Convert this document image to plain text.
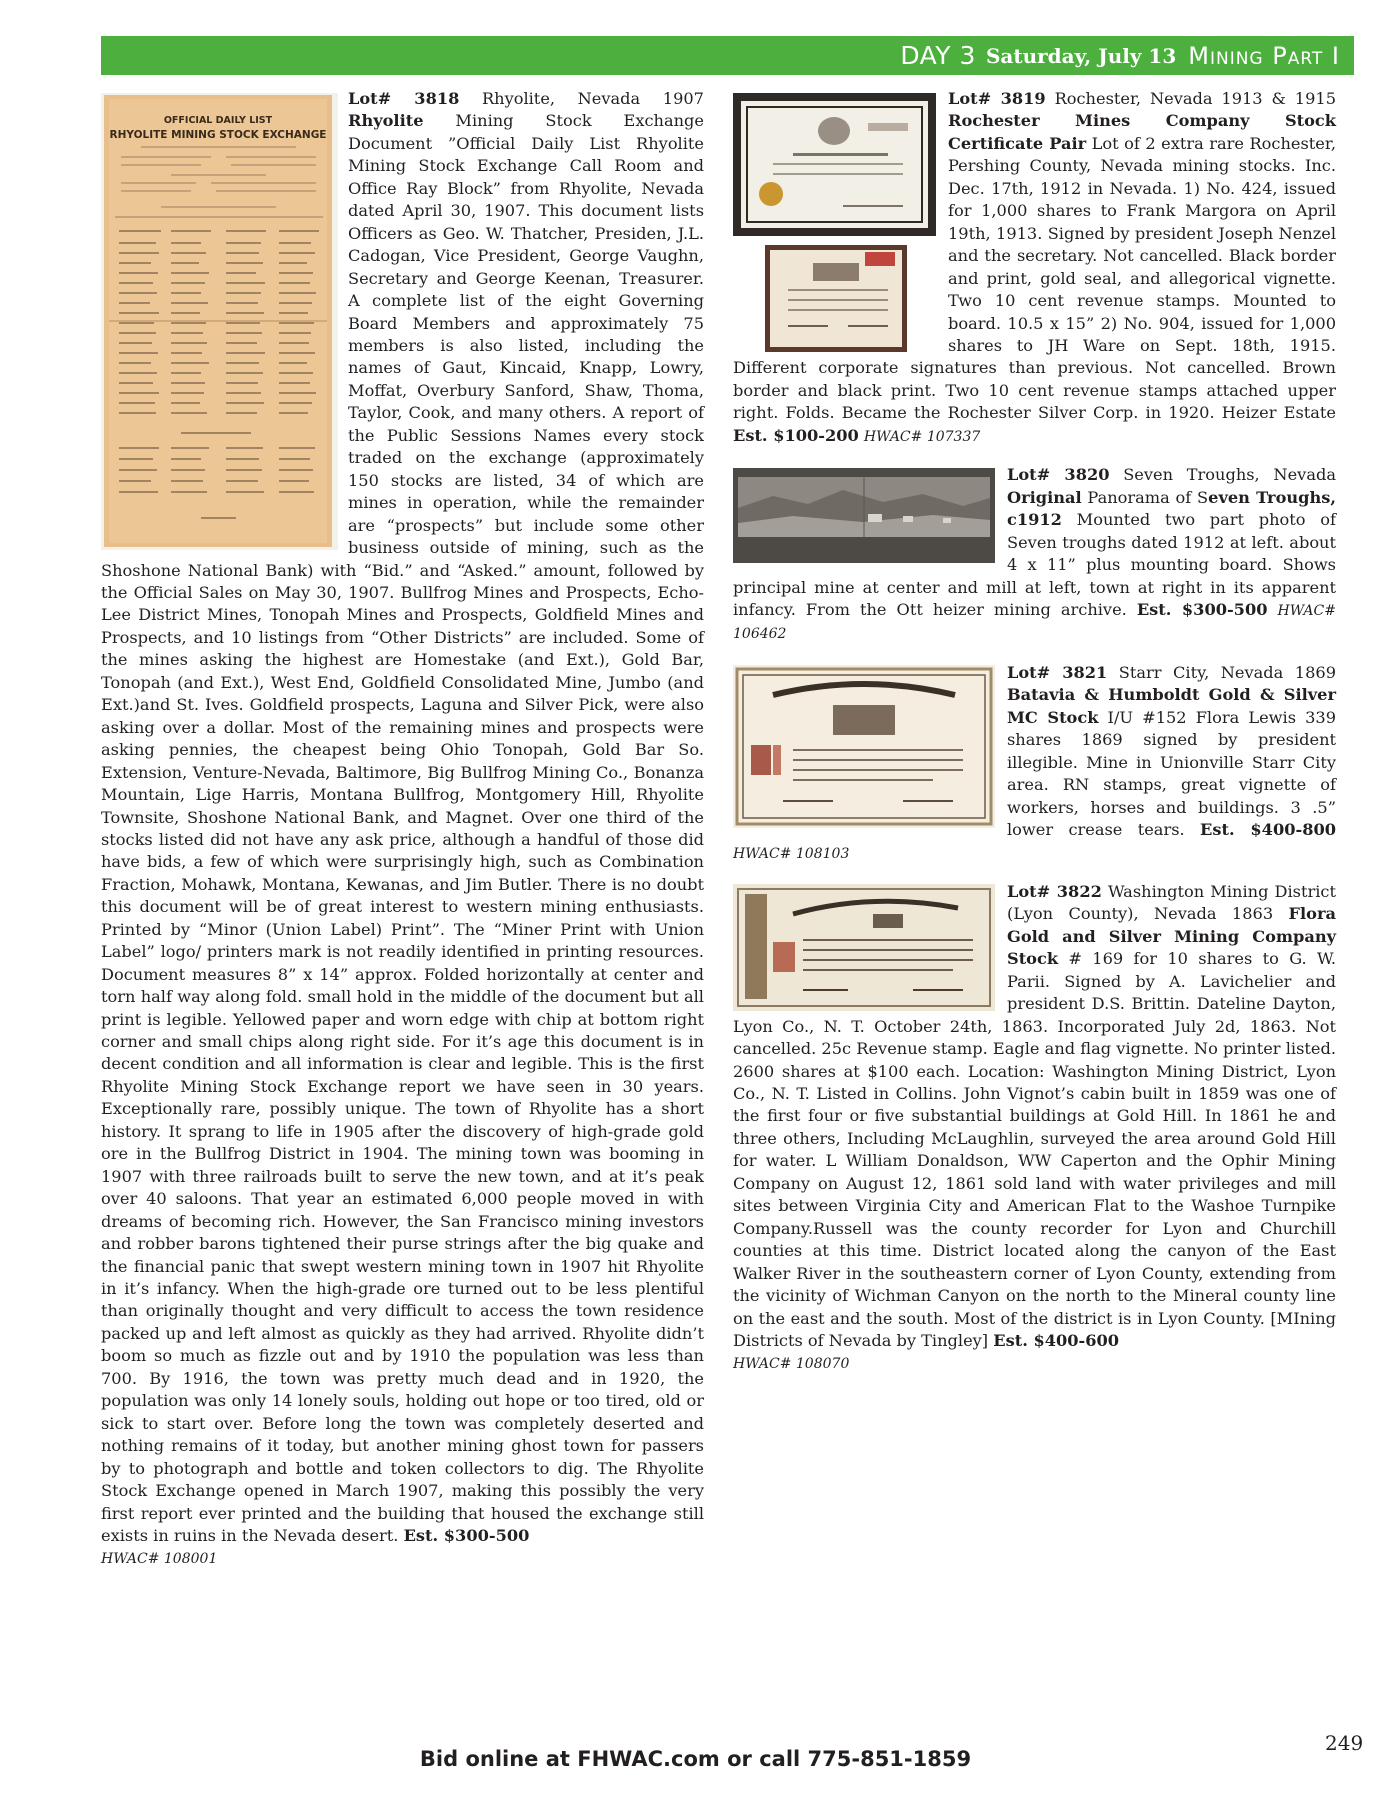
DAY 3 Saturday, July 13 Mining Part I
OFFICIAL DAILY LIST
RHYOLITE MINING STOCK EXCHANGE

Lot# 3818 Rhyolite, Nevada 1907 Rhyolite Mining Stock Exchange Document ”Official Daily List Rhyolite Mining Stock Exchange Call Room and Office Ray Block” from Rhyolite, Nevada dated April 30, 1907. This document lists Officers as Geo. W. Thatcher, Presiden, J.L. Cadogan, Vice President, George Vaughn, Secretary and George Keenan, Treasurer. A complete list of the eight Governing Board Members and approximately 75 members is also listed, including the names of Gaut, Kincaid, Knapp, Lowry, Moffat, Overbury Sanford, Shaw, Thoma, Taylor, Cook, and many others. A report of the Public Sessions Names every stock traded on the exchange (approximately 150 stocks are listed, 34 of which are mines in operation, while the remainder are “prospects” but include some other business outside of mining, such as the Shoshone National Bank) with “Bid.” and “Asked.” amount, followed by the Official Sales on May 30, 1907. Bullfrog Mines and Prospects, Echo-Lee District Mines, Tonopah Mines and Prospects, Goldfield Mines and Prospects, and 10 listings from “Other Districts” are included. Some of the mines asking the highest are Homestake (and Ext.), Gold Bar, Tonopah (and Ext.), West End, Goldfield Consolidated Mine, Jumbo (and Ext.)and St. Ives. Goldfield prospects, Laguna and Silver Pick, were also asking over a dollar. Most of the remaining mines and prospects were asking pennies, the cheapest being Ohio Tonopah, Gold Bar So. Extension, Venture-Nevada, Baltimore, Big Bullfrog Mining Co., Bonanza Mountain, Lige Harris, Montana Bullfrog, Montgomery Hill, Rhyolite Townsite, Shoshone National Bank, and Magnet. Over one third of the stocks listed did not have any ask price, although a handful of those did have bids, a few of which were surprisingly high, such as Combination Fraction, Mohawk, Montana, Kewanas, and Jim Butler. There is no doubt this document will be of great interest to western mining enthusiasts. Printed by “Minor (Union Label) Print”. The “Miner Print with Union Label” logo/ printers mark is not readily identified in printing resources. Document measures 8” x 14” approx. Folded horizontally at center and torn half way along fold. small hold in the middle of the document but all print is legible. Yellowed paper and worn edge with chip at bottom right corner and small chips along right side. For it’s age this document is in decent condition and all information is clear and legible. This is the first Rhyolite Mining Stock Exchange report we have seen in 30 years. Exceptionally rare, possibly unique. The town of Rhyolite has a short history. It sprang to life in 1905 after the discovery of high-grade gold ore in the Bullfrog District in 1904. The mining town was booming in 1907 with three railroads built to serve the new town, and at it’s peak over 40 saloons. That year an estimated 6,000 people moved in with dreams of becoming rich. However, the San Francisco mining investors and robber barons tightened their purse strings after the big quake and the financial panic that swept western mining town in 1907 hit Rhyolite in it’s infancy. When the high-grade ore turned out to be less plentiful than originally thought and very difficult to access the town residence packed up and left almost as quickly as they had arrived. Rhyolite didn’t boom so much as fizzle out and by 1910 the population was less than 700. By 1916, the town was pretty much dead and in 1920, the population was only 14 lonely souls, holding out hope or too tired, old or sick to start over. Before long the town was completely deserted and nothing remains of it today, but another mining ghost town for passers by to photograph and bottle and token collectors to dig. The Rhyolite Stock Exchange opened in March 1907, making this possibly the very first report ever printed and the building that housed the exchange still exists in ruins in the Nevada desert. Est. $300-500
HWAC# 108001

Lot# 3819 Rochester, Nevada 1913 & 1915 Rochester Mines Company Stock Certificate Pair Lot of 2 extra rare Rochester, Pershing County, Nevada mining stocks. Inc. Dec. 17th, 1912 in Nevada. 1) No. 424, issued for 1,000 shares to Frank Margora on April 19th, 1913. Signed by president Joseph Nenzel and the secretary. Not cancelled. Black border and print, gold seal, and allegorical vignette. Two 10 cent revenue stamps. Mounted to board. 10.5 x 15” 2) No. 904, issued for 1,000 shares to JH Ware on Sept. 18th, 1915. Different corporate signatures than previous. Not cancelled. Brown border and black print. Two 10 cent revenue stamps attached upper right. Folds. Became the Rochester Silver Corp. in 1920. Heizer Estate Est. $100-200 HWAC# 107337

Lot# 3820 Seven Troughs, Nevada Original Panorama of Seven Troughs, c1912 Mounted two part photo of Seven troughs dated 1912 at left. about 4 x 11” plus mounting board. Shows principal mine at center and mill at left, town at right in its apparent infancy. From the Ott heizer mining archive. Est. $300-500 HWAC# 106462

Lot# 3821 Starr City, Nevada 1869 Batavia & Humboldt Gold & Silver MC Stock I/U #152 Flora Lewis 339 shares 1869 signed by president illegible. Mine in Unionville Starr City area. RN stamps, great vignette of workers, horses and buildings. 3 .5” lower crease tears. Est. $400-800 HWAC# 108103

Lot# 3822 Washington Mining District (Lyon County), Nevada 1863 Flora Gold and Silver Mining Company Stock # 169 for 10 shares to G. W. Parii. Signed by A. Lavichelier and president D.S. Brittin. Dateline Dayton, Lyon Co., N. T. October 24th, 1863. Incorporated July 2d, 1863. Not cancelled. 25c Revenue stamp. Eagle and flag vignette. No printer listed. 2600 shares at $100 each. Location: Washington Mining District, Lyon Co., N. T. Listed in Collins. John Vignot’s cabin built in 1859 was one of the first four or five substantial buildings at Gold Hill. In 1861 he and three others, Including McLaughlin, surveyed the area around Gold Hill for water. L William Donaldson, WW Caperton and the Ophir Mining Company on August 12, 1861 sold land with water privileges and mill sites between Virginia City and American Flat to the Washoe Turnpike Company.Russell was the county recorder for Lyon and Churchill counties at this time. District located along the canyon of the East Walker River in the southeastern corner of Lyon County, extending from the vicinity of Wichman Canyon on the north to the Mineral county line on the east and the south. Most of the district is in Lyon County. [MIning Districts of Nevada by Tingley] Est. $400-600
HWAC# 108070

Bid online at FHWAC.com or call 775-851-1859
249
